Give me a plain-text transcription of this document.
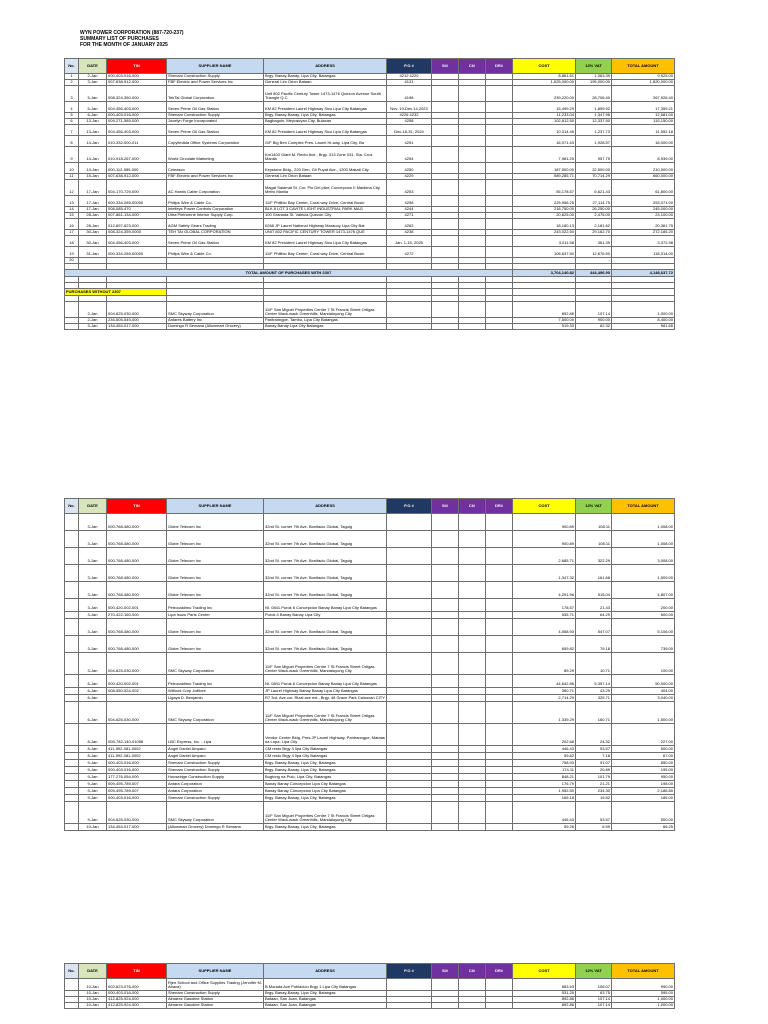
WYN POWER CORPORATION (887-720-237)
SUMMARY LIST OF PURCHASES
FOR THE MONTH OF JANUARY 2025
No.	DATE	TIN	SUPPLIER NAME	ADDRESS	P.O #	SI#	CI#	DR#	COST	12% VAT	TOTAL AMOUNT
1	2-Jan	000-403-016-000	Shenam Construction Supply	Brgy. Banay-Banay, Lipa City, Batangas	4212 4220				8,861.61	1,063.39	9,925.00
2	3-Jan	007-638-912-000	FBF Electric and Power Services Inc	General Lim Orion Bataan	4131				1,625,000.00	195,000.00	1,820,000.00
3	5-Jan	008-324-350-000	TekTai Global Corporation	Unit 802 Pacific Century Tower 1473-1476 Quezon Avenue South Triangle Q.C.	4198				239,220.00	28,706.40	267,926.40
4	5-Jan	004-456-403-000	Seven Prime Oil Gas Station	KM 82 President Laurel Highway Sico Lipa City Batangas	Nov. 19-Dec.14,2023				15,499.29	1,859.92	17,359.21
5	6-Jan	000-403-016-000	Shenam Construction Supply	Brgy. Banay-Banay, Lipa City, Batangas	4226 4232				11,233.04	1,347.96	12,581.00
6	13-Jan	009-271-589-000	Jocelyn Forge Incorporated	Bagbaguin, Meycauyan City, Bulacan	4258				102,812.50	12,337.50	115,150.00
7	13-Jan	004-456-403-000	Seven Prime Oil Gas Station	KM 82 President Laurel Highway Sico Lipa City Batangas	Dec.18-31, 2024				10,314.45	1,237.73	11,552.18
8	14-Jan	010-332-000-011	Copyfiedida Office Systems Corporation	G/F Big Ben Complex Pres. Laurel Hi-way, Lipa City, Ba	4251				16,071.43	1,928.57	18,000.00
9	14-Jan	010-918-267-000	World Circulate Marketing	Km1403 Giant M. Recto Ave., Brgy. 313 Zone 031, Sta. Cruz Manila	4254				7,981.25	957.75	8,939.00
10	14-Jan	000-112-589-000	Celeasco	Keystone Bldg., 220 Gen. Gil Puyat Ave., 1200 Makati City	4250				187,500.00	22,500.00	210,000.00
11	15-Jan	007-638-912-000	FBF Electric and Power Services Inc	General Lim Orion Bataan	4229				589,285.71	70,714.29	660,000.00
12	17-Jan	004-170-729-000	AC Hamis Cable Corporation	Magat Salamat St. Cor. Pio Del pilar, Concepcion II Marikina City, Metro Manila	4253				55,178.57	6,621.43	61,800.00
13	17-Jan	000-334-289-00000	Philips Wire & Cable Co.	11/F Phillbio Bay Center, Coral way Drive, Central Busin	4258				225,956.25	27,114.75	253,071.00
14	17-Jan	008-085-470	Intelleys Power Controls Corporation	BLK 8 LOT 3 CAVITE LIGHT INDUSTRIAL PARK MAG	4244				218,750.00	26,250.00	245,000.00
15	28-Jan	007-861-134-000	Ultra Pietromne Interior Supply Corp.	100 Granada St. Valecia Quezon City	4271				20,625.00	2,475.00	23,100.00
16	28-Jan	012-897-623-000	AGM Safety Gears Trading	0268 JP Laurel National Highway Marauoy Lipa City Bat	4262				18,180.13	2,181.62	20,361.75
17	30-Jan	008-324-359-0000	TEH TAI GLOBAL CORPORATION	UNIT 802 PACIFIC CENTURY TOWER 1473-1476 QUE	4238				243,022.50	29,162.70	272,185.20
18	30-Jan	004-456-403-000	Seven Prime Oil Gas Station	KM 82 President Laurel Highway Sico Lipa City Batangas	Jan. 1-15, 2025				3,011.58	361.39	3,372.98
19	31-Jan	000-334-289-00000	Philips Wire & Cable Co.	11/F Phillbio Bay Center, Coral way Drive, Central Busin	4272				105,637.50	12,676.50	118,314.00
20										-	

TOTAL AMOUNT OF PURCHASES WITH 2307									3,704,140.82	444,496.90	4,148,637.72

PURCHASES WITHOUT 2307											

	2-Jan	004-625-030-000	SMC Skyway Corporation	11/F San Miguel Properties Centre 7 St Francis Street Ortigas Center Wack-wack Greenhills, Mandaluyong City					892.86	107.14	1,000.00
	2-Jan	235-505-549-000	Antares Battery Inc	Pantranngpe, Tambo, Lipa City Batangas					7,500.00	900.00	8,400.00
	3-Jan	134-454-017-000	Domingo R Semana (Allowmart Grocery)	Banay Banay Lipa City Batangas					519.33	62.32	581.65
No.	DATE	TIN	SUPPLIER NAME	ADDRESS	P.O #	SI#	CI#	DR#	COST	12% VAT	TOTAL AMOUNT
	3-Jan	000-768-480-000	Globe Telecom Inc	32nd St. corner 7th Ave. Bonifacio Global, Taguig					900.89	108.11	1,008.00
	3-Jan	000-768-480-000	Globe Telecom Inc	32nd St. corner 7th Ave. Bonifacio Global, Taguig					900.89	108.11	1,008.00
	3-Jan	000-768-480-000	Globe Telecom Inc	32nd St. corner 7th Ave. Bonifacio Global, Taguig					2,685.71	322.29	3,008.00
	3-Jan	000-768-480-000	Globe Telecom Inc	32nd St. corner 7th Ave. Bonifacio Global, Taguig					1,347.32	161.68	1,509.00
	3-Jan	000-768-480-000	Globe Telecom Inc	32nd St. corner 7th Ave. Bonifacio Global, Taguig					4,291.96	515.04	4,807.00
	3-Jan	000-420-002-001	Petrocaldimo Trading Inc	NI. 0841 Purok 6 Concepcion Banay Banay Lipa City Batangas					178.57	21.43	200.00
	3-Jan	270-422-160-000	Lipa Isuzu Parts Center	Purok 4 Banay Banay Lipa City					535.71	64.29	600.00
	3-Jan	000-768-480-000	Globe Telecom Inc	32nd St. corner 7th Ave. Bonifacio Global, Taguig					4,558.93	547.07	5,106.00
	3-Jan	000-768-480-000	Globe Telecom Inc	32nd St. corner 7th Ave. Bonifacio Global, Taguig					659.82	79.18	739.00
	3-Jan	004-625-030-000	SMC Skyway Corporation	11/F San Miguel Properties Centre 7 St Francis Street Ortigas Center Wack-wack Greenhills, Mandaluyong City					89.29	10.71	100.00
	6-Jan	000-420-002-001	Petrocaldimo Trading Inc	NI. 0841 Purok 6 Concepcion Banay Banay Lipa City Batangas					44,642.86	5,357.14	50,000.00
	6-Jan	008-550-524-002	Wilfood Corp Jollibee	JP Laurel Highway Banay Banay Lipa City Batangas					360.71	43.29	404.00
	6-Jan		Ligaya D. Benjamin	R7 3rd. Ave cor. Rizal ave ext., Brgy. 48 Grace Park Caloocan CITY					2,714.29	325.71	3,040.00
	6-Jan	004-625-030-000	SMC Skyway Corporation	11/F San Miguel Properties Centre 7 St Francis Street Ortigas Center Wack-wack Greenhills, Mandaluyong City					1,339.29	160.71	1,500.00
	8-Jan	005-782-140-01058	LBC Express, Inc. - Lipa	Vendor Center Bldg. Pres.JP Laurel Highway, Pantranngpe, Mataas na Lupa, Lipa City					202.68	24.32	227.00
	8-Jan	411-592-081-0002	Angel Daniel Amparo	CM resto Brgy 4 lipa City Batangas					446.43	53.57	500.00
	8-Jan	411-592-081-0002	Angel Daniel Amparo	CM resto Brgy 4 lipa City Batangas					59.82	7.18	67.00
	9-Jan	000-403-016-000	Shenam Construction Supply	Brgy. Banay-Banay, Lipa City, Batangas					758.93	91.07	850.00
	9-Jan	000-403-016-000	Shenam Construction Supply	Brgy. Banay-Banay, Lipa City, Batangas					174.11	20.89	195.00
	9-Jan	177-276-054-000	Houseidge Construction Supply	Bugtong na Pulo, Lipa City, Batangas					848.21	101.79	950.00
	9-Jan	009-495-789-007	Antara Corporation	Banay Banay Concepcion Lipa City Batangas					176.79	21.21	198.00
	9-Jan	009-495-789-007	Antara Corporation	Banay Banay Concepcion Lipa City Batangas					1,952.50	234.30	2,186.80
	9-Jan	000-403-016-000	Shenam Construction Supply	Brgy. Banay-Banay, Lipa City, Batangas					165.18	19.82	185.00
	9-Jan	004-625-030-000	SMC Skyway Corporation	11/F San Miguel Properties Centre 7 St Francis Street Ortigas Center Wack-wack Greenhills, Mandaluyong City					446.43	53.57	500.00
	10-Jan	134-454-017-000	(Allowmart Grocery) Domingo R Semana	Brgy. Banay-Banay, Lipa City, Batangas					59.26	6.99	66.25
No.	DATE	TIN	SUPPLIER NAME	ADDRESS	P.O #	SI#	CI#	DR#	COST	12% VAT	TOTAL AMOUNT
	10-Jan	002-623-076-000	Rjen School and Office Supplies Trading (Jennifer M. Abaca)	B Morada Ave Poblacion Brgy 1 Lipa City Batangas					883.93	106.07	990.00
	10-Jan	000-403-016-000	Shenam Construction Supply	Brgy. Banay-Banay, Lipa City, Batangas					531.25	63.75	595.00
	10-Jan	412-825-924-000	Almarez Gasoline Station	Bataan, San Juan, Batangas					892.86	107.14	1,000.00
	10-Jan	412-825-924-000	Almarez Gasoline Station	Bataan, San Juan, Batangas					892.86	107.14	1,000.00
